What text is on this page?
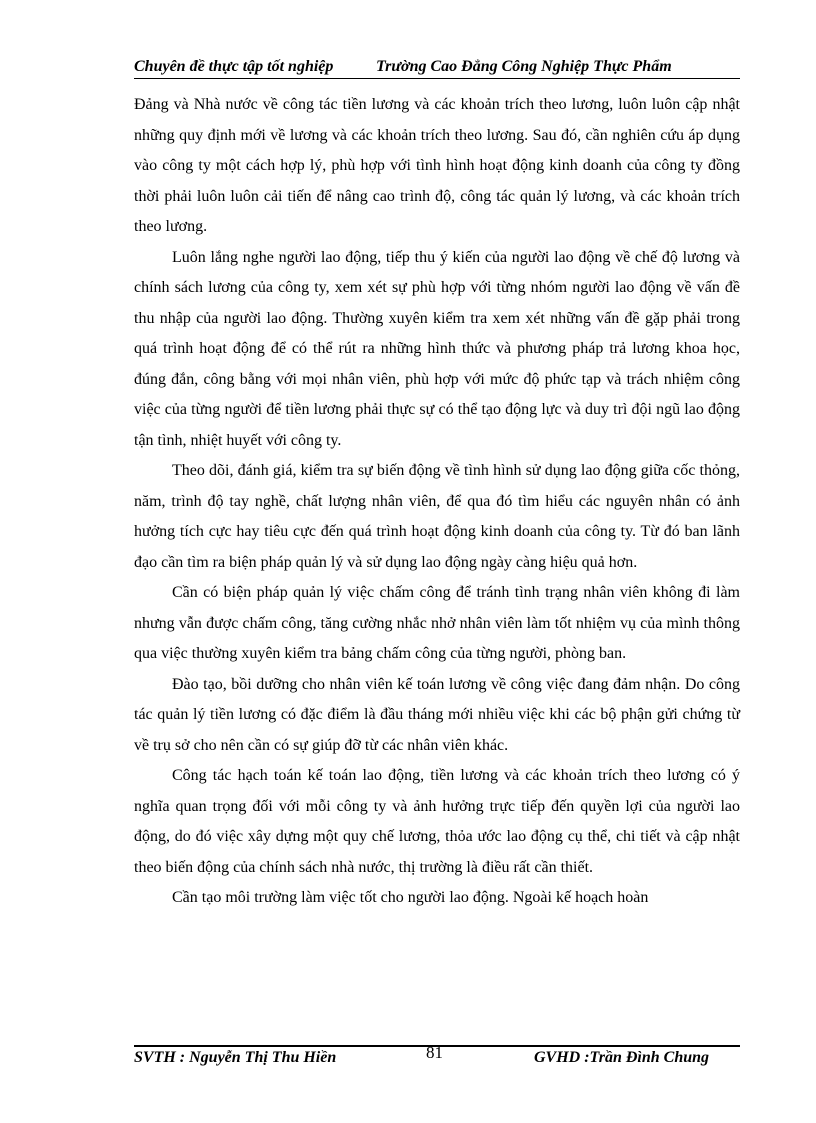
Chuyên đề thực tập tốt nghiệp	Trường Cao Đẳng Công Nghiệp Thực Phẩm

Đảng và Nhà nước về công tác tiền lương và các khoản trích theo lương, luôn luôn cập nhật những quy định mới về lương và các khoản trích theo lương. Sau đó, cần nghiên cứu áp dụng vào công ty một cách hợp lý, phù hợp với tình hình hoạt động kinh doanh của công ty đồng thời phải luôn luôn cải tiến để nâng cao trình độ, công tác quản lý lương, và các khoản trích theo lương.

Luôn lắng nghe người lao động, tiếp thu ý kiến của người lao động về chế độ lương và chính sách lương của công ty, xem xét sự phù hợp với từng nhóm người lao động về vấn đề thu nhập của người lao động. Thường xuyên kiểm tra xem xét những vấn đề gặp phải trong quá trình hoạt động để có thể rút ra những hình thức và phương pháp trả lương khoa học, đúng đắn, công bằng với mọi nhân viên, phù hợp với mức độ phức tạp và trách nhiệm công việc của từng người để tiền lương phải thực sự có thể tạo động lực và duy trì đội ngũ lao động tận tình, nhiệt huyết với công ty.

Theo dõi, đánh giá, kiểm tra sự biến động về tình hình sử dụng lao động giữa cốc thỏng, năm, trình độ tay nghề, chất lượng nhân viên, để qua đó tìm hiểu các nguyên nhân có ảnh hưởng tích cực hay tiêu cực đến quá trình hoạt động kinh doanh của công ty. Từ đó ban lãnh đạo cần tìm ra biện pháp quản lý và sử dụng lao động ngày càng hiệu quả hơn.

Cần có biện pháp quản lý việc chấm công để tránh tình trạng nhân viên không đi làm nhưng vẫn được chấm công, tăng cường nhắc nhở nhân viên làm tốt nhiệm vụ của mình thông qua việc thường xuyên kiểm tra bảng chấm công của từng người, phòng ban.

Đào tạo, bồi dưỡng cho nhân viên kế toán lương về công việc đang đảm nhận. Do công tác quản lý tiền lương có đặc điểm là đầu tháng mới nhiều việc khi các bộ phận gửi chứng từ về trụ sở cho nên cần có sự giúp đỡ từ các nhân viên khác.

Công tác hạch toán kế toán lao động, tiền lương và các khoản trích theo lương có ý nghĩa quan trọng đối với mỗi công ty và ảnh hưởng trực tiếp đến quyền lợi của người lao động, do đó việc xây dựng một quy chế lương, thỏa ước lao động cụ thể, chi tiết và cập nhật theo biến động của chính sách nhà nước, thị trường là điều rất cần thiết.

Cần tạo môi trường làm việc tốt cho người lao động. Ngoài kế hoạch hoàn

SVTH : Nguyễn Thị Thu Hiền	81	GVHD :Trần Đình Chung
